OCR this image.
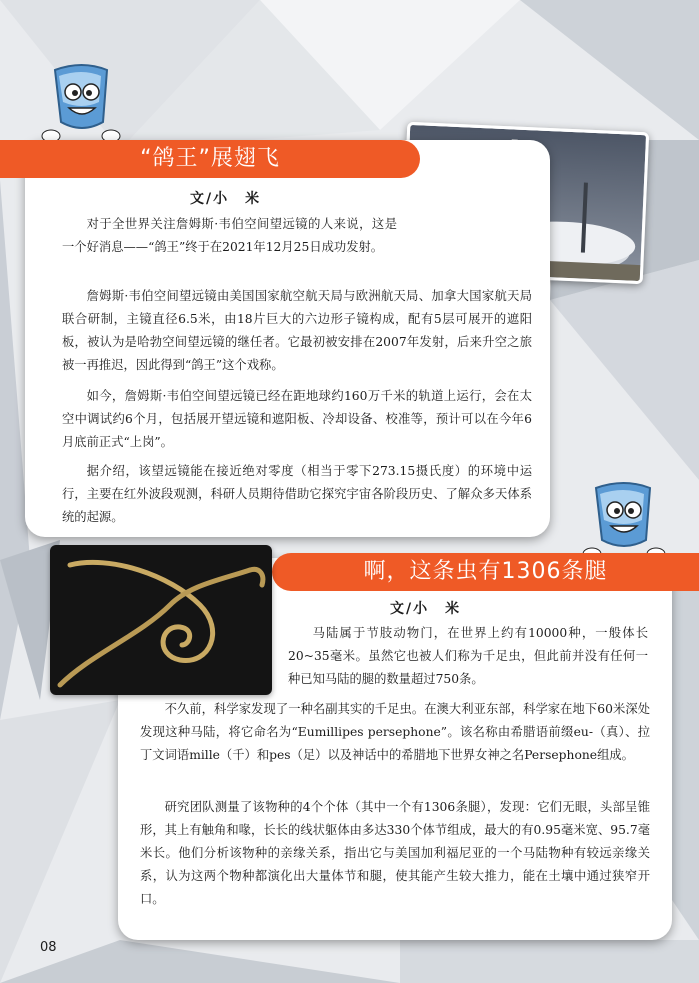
“鸽王”展翅飞
文/小　米

对于全世界关注詹姆斯·韦伯空间望远镜的人来说，这是一个好消息——“鸽王”终于在2021年12月25日成功发射。

詹姆斯·韦伯空间望远镜由美国国家航空航天局与欧洲航天局、加拿大国家航天局联合研制，主镜直径6.5米，由18片巨大的六边形子镜构成，配有5层可展开的遮阳板，被认为是哈勃空间望远镜的继任者。它最初被安排在2007年发射，后来升空之旅被一再推迟，因此得到“鸽王”这个戏称。

如今，詹姆斯·韦伯空间望远镜已经在距地球约160万千米的轨道上运行，会在太空中调试约6个月，包括展开望远镜和遮阳板、冷却设备、校准等，预计可以在今年6月底前正式“上岗”。

据介绍，该望远镜能在接近绝对零度（相当于零下273.15摄氏度）的环境中运行，主要在红外波段观测，科研人员期待借助它探究宇宙各阶段历史、了解众多天体系统的起源。

啊，这条虫有1306条腿
文/小　米

马陆属于节肢动物门，在世界上约有10000种，一般体长20~35毫米。虽然它也被人们称为千足虫，但此前并没有任何一种已知马陆的腿的数量超过750条。

不久前，科学家发现了一种名副其实的千足虫。在澳大利亚东部，科学家在地下60米深处发现这种马陆，将它命名为“Eumillipes persephone”。该名称由希腊语前缀eu-（真）、拉丁文词语mille（千）和pes（足）以及神话中的希腊地下世界女神之名Persephone组成。

研究团队测量了该物种的4个个体（其中一个有1306条腿），发现：它们无眼，头部呈锥形，其上有触角和喙，长长的线状躯体由多达330个体节组成，最大的有0.95毫米宽、95.7毫米长。他们分析该物种的亲缘关系，指出它与美国加利福尼亚的一个马陆物种有较远亲缘关系，认为这两个物种都演化出大量体节和腿，使其能产生较大推力，能在土壤中通过狭窄开口。

08
